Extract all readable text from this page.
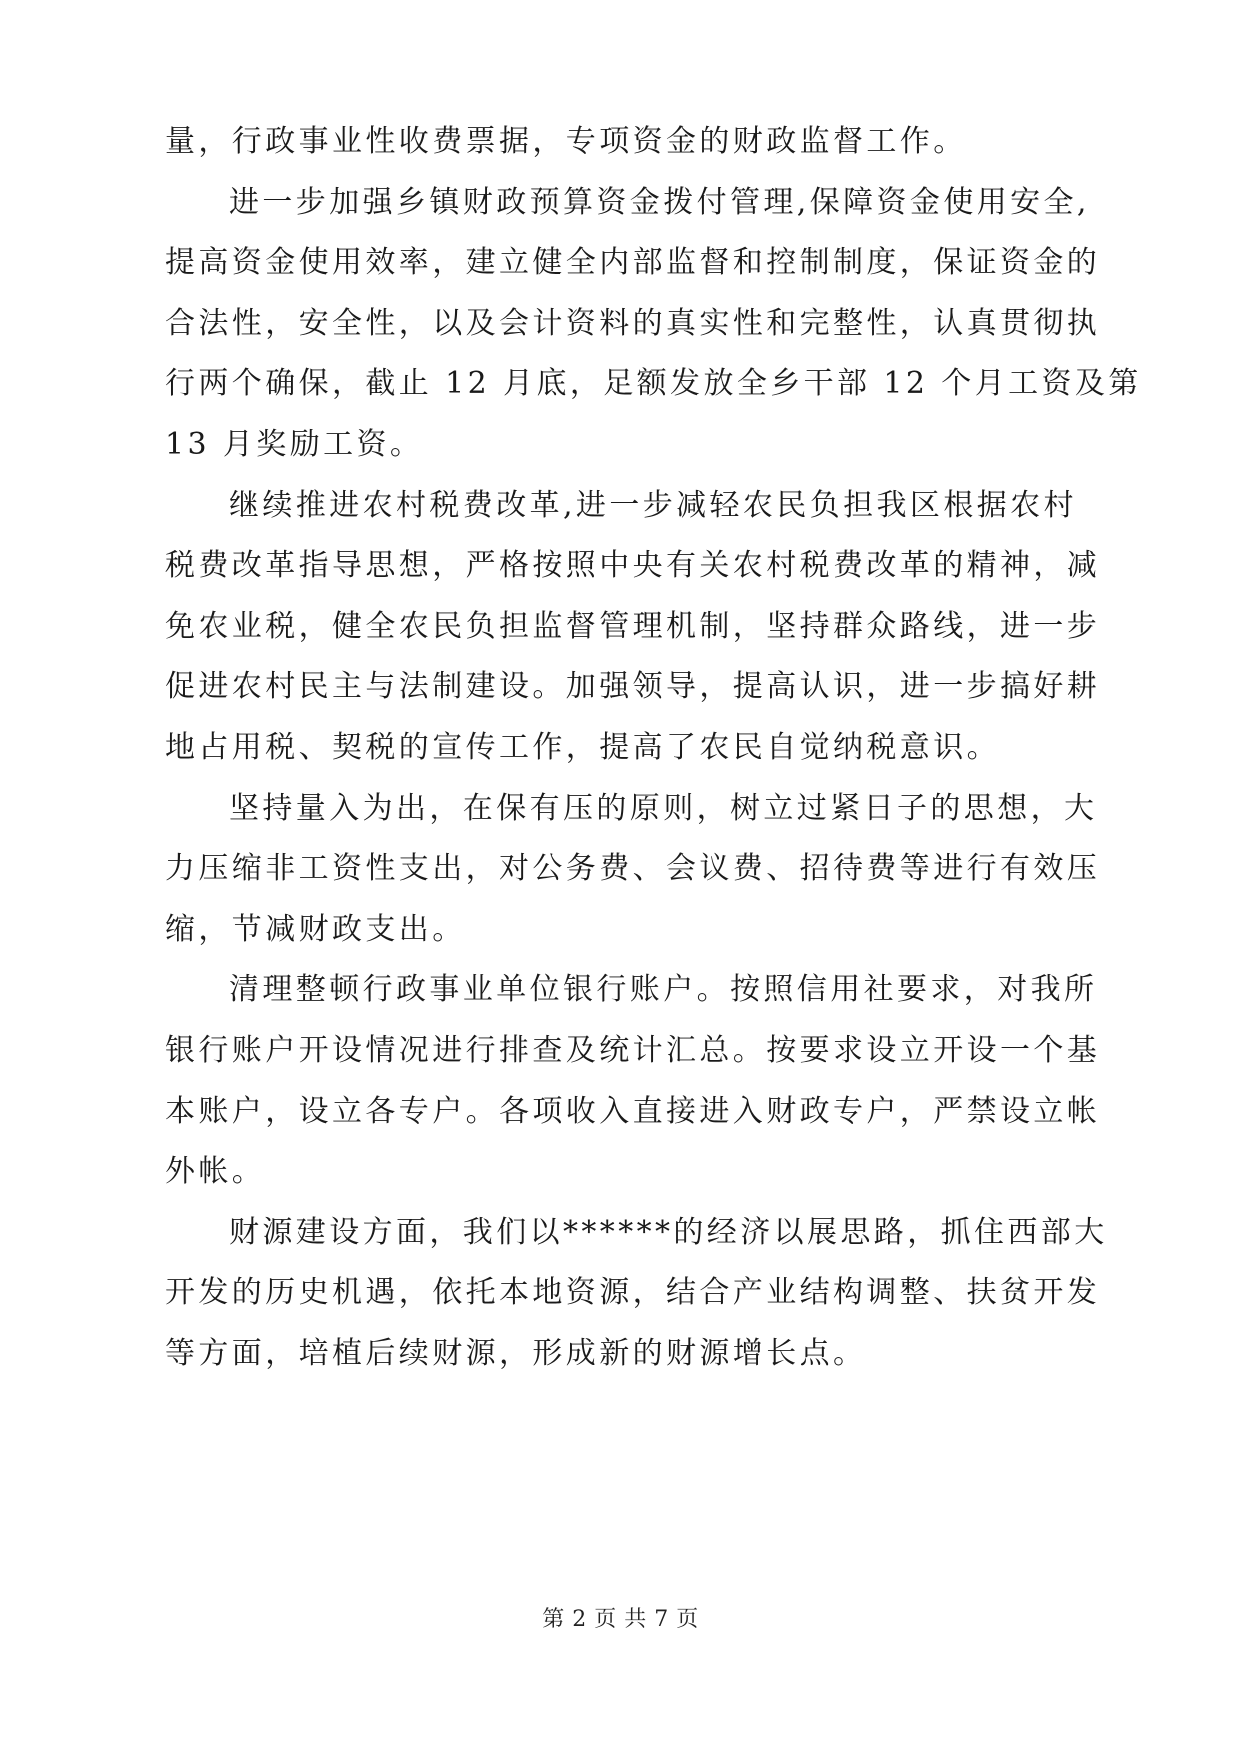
量，行政事业性收费票据，专项资金的财政监督工作。
进一步加强乡镇财政预算资金拨付管理,保障资金使用安全,
提高资金使用效率，建立健全内部监督和控制制度，保证资金的
合法性，安全性，以及会计资料的真实性和完整性，认真贯彻执
行两个确保，截止 12 月底，足额发放全乡干部 12 个月工资及第
13 月奖励工资。
继续推进农村税费改革,进一步减轻农民负担我区根据农村
税费改革指导思想，严格按照中央有关农村税费改革的精神，减
免农业税，健全农民负担监督管理机制，坚持群众路线，进一步
促进农村民主与法制建设。加强领导，提高认识，进一步搞好耕
地占用税、契税的宣传工作，提高了农民自觉纳税意识。
坚持量入为出，在保有压的原则，树立过紧日子的思想，大
力压缩非工资性支出，对公务费、会议费、招待费等进行有效压
缩，节减财政支出。
清理整顿行政事业单位银行账户。按照信用社要求，对我所
银行账户开设情况进行排查及统计汇总。按要求设立开设一个基
本账户，设立各专户。各项收入直接进入财政专户，严禁设立帐
外帐。
财源建设方面，我们以******的经济以展思路，抓住西部大
开发的历史机遇，依托本地资源，结合产业结构调整、扶贫开发
等方面，培植后续财源，形成新的财源增长点。
第 2 页 共 7 页
